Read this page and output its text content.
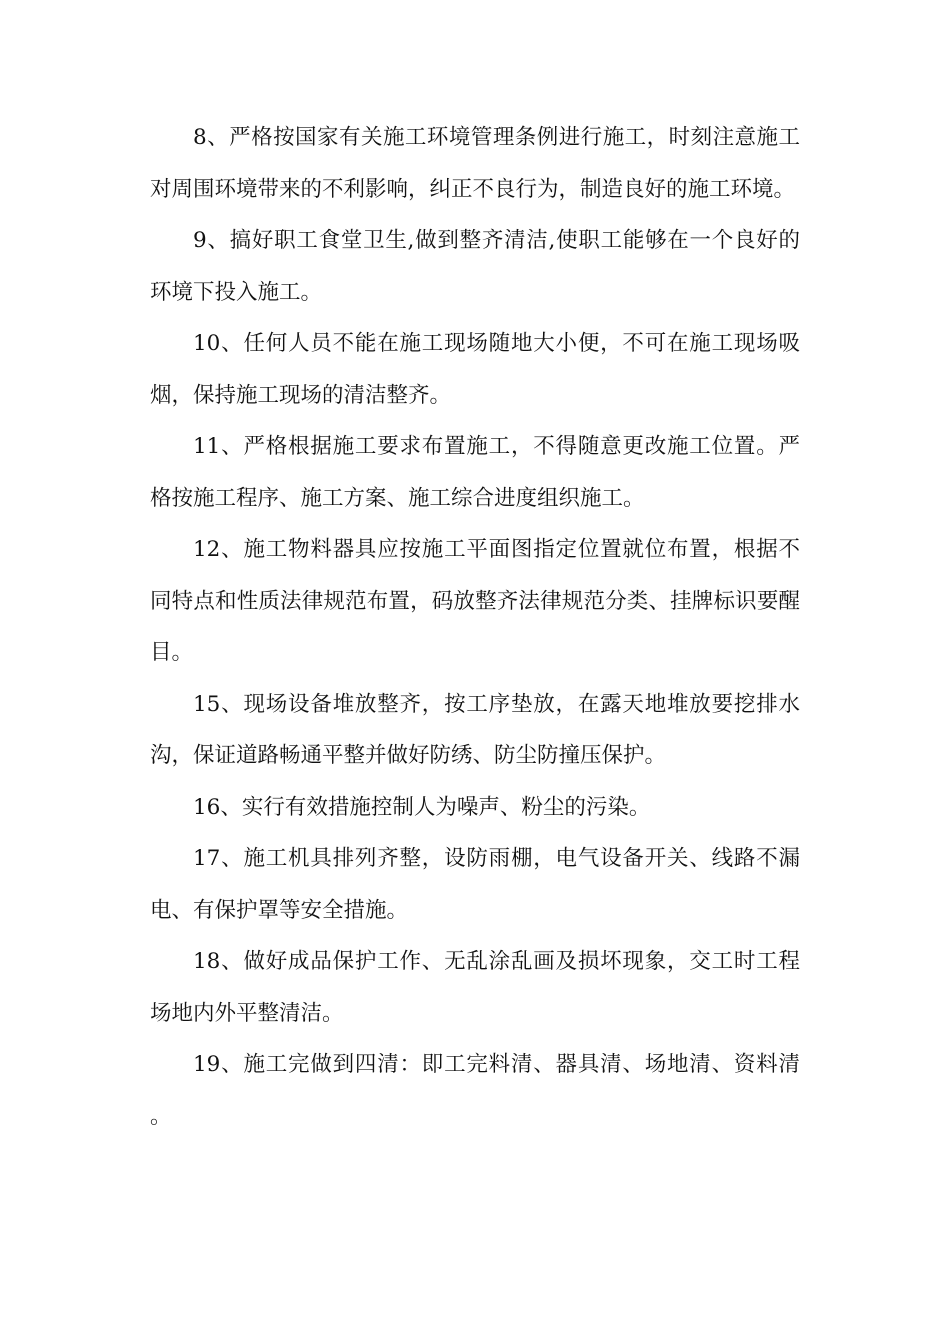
8、严格按国家有关施工环境管理条例进行施工，时刻注意施工对周围环境带来的不利影响，纠正不良行为，制造良好的施工环境。

9、搞好职工食堂卫生,做到整齐清洁,使职工能够在一个良好的环境下投入施工。

10、任何人员不能在施工现场随地大小便，不可在施工现场吸烟，保持施工现场的清洁整齐。

11、严格根据施工要求布置施工，不得随意更改施工位置。严格按施工程序、施工方案、施工综合进度组织施工。

12、施工物料器具应按施工平面图指定位置就位布置，根据不同特点和性质法律规范布置，码放整齐法律规范分类、挂牌标识要醒目。

15、现场设备堆放整齐，按工序垫放，在露天地堆放要挖排水沟，保证道路畅通平整并做好防绣、防尘防撞压保护。

16、实行有效措施控制人为噪声、粉尘的污染。

17、施工机具排列齐整，设防雨棚，电气设备开关、线路不漏电、有保护罩等安全措施。

18、做好成品保护工作、无乱涂乱画及损坏现象，交工时工程场地内外平整清洁。

19、施工完做到四清：即工完料清、器具清、场地清、资料清。
